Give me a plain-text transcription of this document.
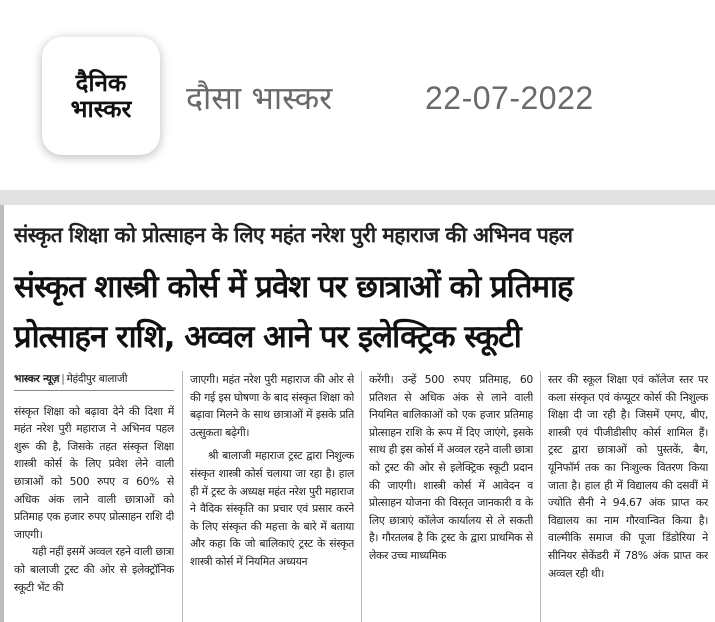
दैनिक
भास्कर दौसा भास्कर	22-07-2022
संस्कृत शिक्षा को प्रोत्साहन के लिए महंत नरेश पुरी महाराज की अभिनव पहल
संस्कृत शास्त्री कोर्स में प्रवेश पर छात्राओं को प्रतिमाह
प्रोत्साहन राशि, अव्वल आने पर इलेक्ट्रिक स्कूटी
भास्कर न्यूज़ | मेहंदीपुर बालाजी

संस्कृत शिक्षा को बढ़ावा देने की दिशा में महंत नरेश पुरी महाराज ने अभिनव पहल शुरू की है, जिसके तहत संस्कृत शिक्षा शास्त्री कोर्स के लिए प्रवेश लेने वाली छात्राओं को 500 रुपए व 60% से अधिक अंक लाने वाली छात्राओं को प्रतिमाह एक हजार रुपए प्रोत्साहन राशि दी जाएगी।

यही नहीं इसमें अव्वल रहने वाली छात्रा को बालाजी ट्रस्ट की ओर से इलेक्ट्रॉनिक स्कूटी भेंट की

जाएगी। महंत नरेश पुरी महाराज की ओर से की गई इस घोषणा के बाद संस्कृत शिक्षा को बढ़ावा मिलने के साथ छात्राओं में इसके प्रति उत्सुकता बढ़ेगी।

श्री बालाजी महाराज ट्रस्ट द्वारा निशुल्क संस्कृत शास्त्री कोर्स चलाया जा रहा है। हाल ही में ट्रस्ट के अध्यक्ष महंत नरेश पुरी महाराज ने वैदिक संस्कृति का प्रचार एवं प्रसार करने के लिए संस्कृत की महत्ता के बारे में बताया और कहा कि जो बालिकाएं ट्रस्ट के संस्कृत शास्त्री कोर्स में नियमित अध्ययन

करेंगी। उन्हें 500 रुपए प्रतिमाह, 60 प्रतिशत से अधिक अंक से लाने वाली नियमित बालिकाओं को एक हजार प्रतिमाह प्रोत्साहन राशि के रूप में दिए जाएंगे, इसके साथ ही इस कोर्स में अव्वल रहने वाली छात्रा को ट्रस्ट की ओर से इलेक्ट्रिक स्कूटी प्रदान की जाएगी। शास्त्री कोर्स में आवेदन व प्रोत्साहन योजना की विस्तृत जानकारी व के लिए छात्राएं कॉलेज कार्यालय से ले सकती है। गौरतलब है कि ट्रस्ट के द्वारा प्राथमिक से लेकर उच्च माध्यमिक

स्तर की स्कूल शिक्षा एवं कॉलेज स्तर पर कला संस्कृत एवं कंप्यूटर कोर्स की निशुल्क शिक्षा दी जा रही है। जिसमें एमए, बीए, शास्त्री एवं पीजीडीसीए कोर्स शामिल हैं। ट्रस्ट द्वारा छात्राओं को पुस्तकें, बैग, यूनिफॉर्म तक का निःशुल्क वितरण किया जाता है। हाल ही में विद्यालय की दसवीं में ज्योति सैनी ने 94.67 अंक प्राप्त कर विद्यालय का नाम गौरवान्वित किया है। वाल्मीकि समाज की पूजा डिंडोरिया ने सीनियर सेकेंडरी में 78% अंक प्राप्त कर अव्वल रही थी।
